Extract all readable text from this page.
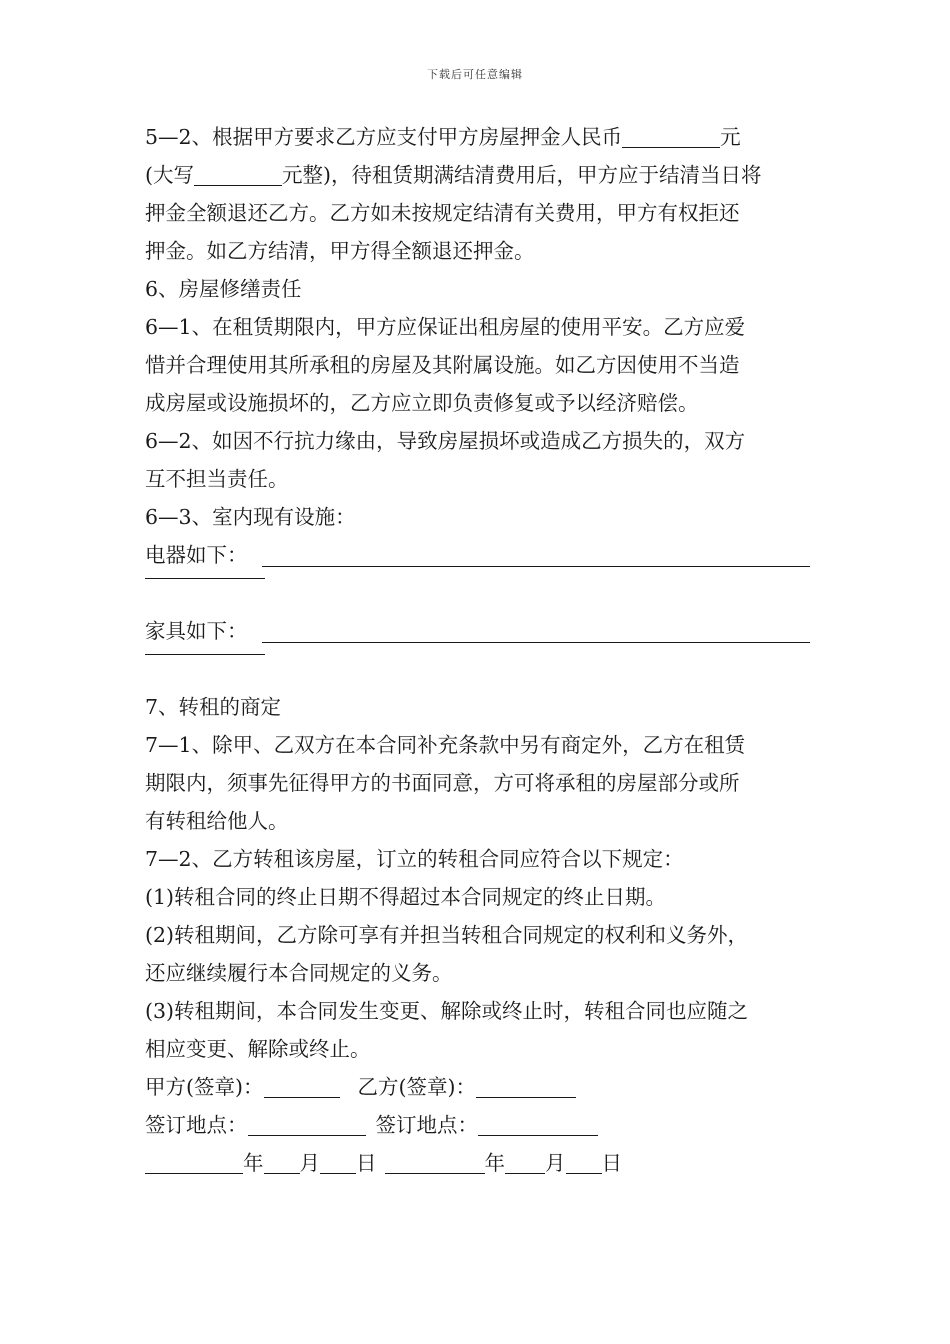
下载后可任意编辑
5—2、根据甲方要求乙方应支付甲方房屋押金人民币	元
(大写	元整)，待租赁期满结清费用后，甲方应于结清当日将
押金全额退还乙方。乙方如未按规定结清有关费用，甲方有权拒还
押金。如乙方结清，甲方得全额退还押金。
6、房屋修缮责任
6—1、在租赁期限内，甲方应保证出租房屋的使用平安。乙方应爱
惜并合理使用其所承租的房屋及其附属设施。如乙方因使用不当造
成房屋或设施损坏的，乙方应立即负责修复或予以经济赔偿。
6—2、如因不行抗力缘由，导致房屋损坏或造成乙方损失的，双方
互不担当责任。
6—3、室内现有设施：
电器如下：
家具如下：
7、转租的商定
7—1、除甲、乙双方在本合同补充条款中另有商定外，乙方在租赁
期限内，须事先征得甲方的书面同意，方可将承租的房屋部分或所
有转租给他人。
7—2、乙方转租该房屋，订立的转租合同应符合以下规定：
(1)转租合同的终止日期不得超过本合同规定的终止日期。
(2)转租期间，乙方除可享有并担当转租合同规定的权利和义务外，
还应继续履行本合同规定的义务。
(3)转租期间，本合同发生变更、解除或终止时，转租合同也应随之
相应变更、解除或终止。
甲方(签章)：	乙方(签章)：
签订地点：	签订地点：
年 月 日	年 月 日
